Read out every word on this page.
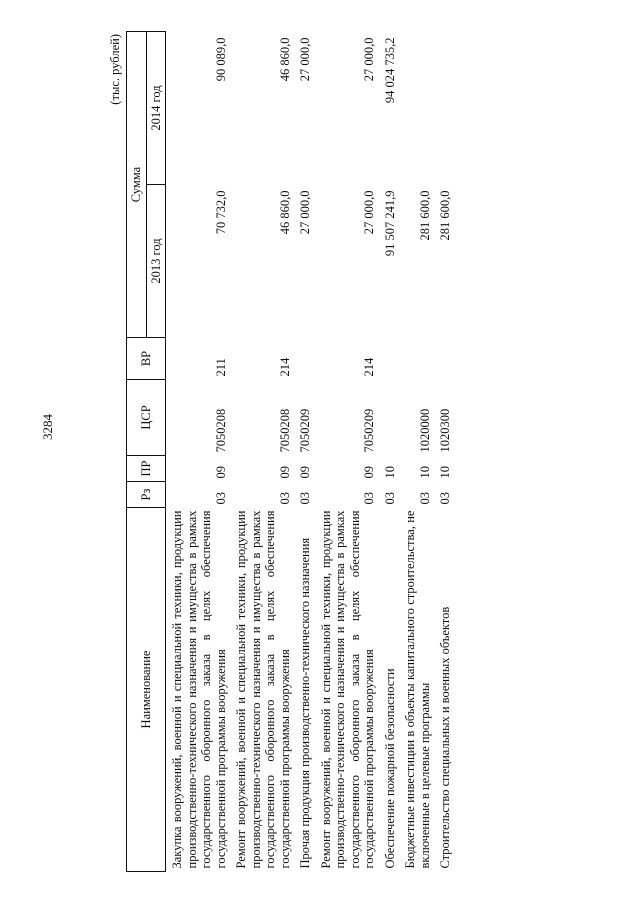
3284
(тыс. рублей)
Наименование	Рз	ПР	ЦСР	ВР	Сумма	
					2013 год	2014 год
Закупка вооружений, военной и специальной техники, продукции производственно-технического назначения и имущества в рамках государственного оборонного заказа в целях обеспечения государственной программы вооружения	03	09	7050208	211	70 732,0	90 089,0
Ремонт вооружений, военной и специальной техники, продукции производственно-технического назначения и имущества в рамках государственного оборонного заказа в целях обеспечения государственной программы вооружения	03	09	7050208	214	46 860,0	46 860,0
Прочая продукция производственно-технического назначения	03	09	7050209		27 000,0	27 000,0
Ремонт вооружений, военной и специальной техники, продукции производственно-технического назначения и имущества в рамках государственного оборонного заказа в целях обеспечения государственной программы вооружения	03	09	7050209	214	27 000,0	27 000,0
Обеспечение пожарной безопасности	03	10			91 507 241,9	94 024 735,2
Бюджетные инвестиции в объекты капитального строительства, не включенные в целевые программы	03	10	1020000		281 600,0	
Строительство специальных и военных объектов	03	10	1020300		281 600,0	
